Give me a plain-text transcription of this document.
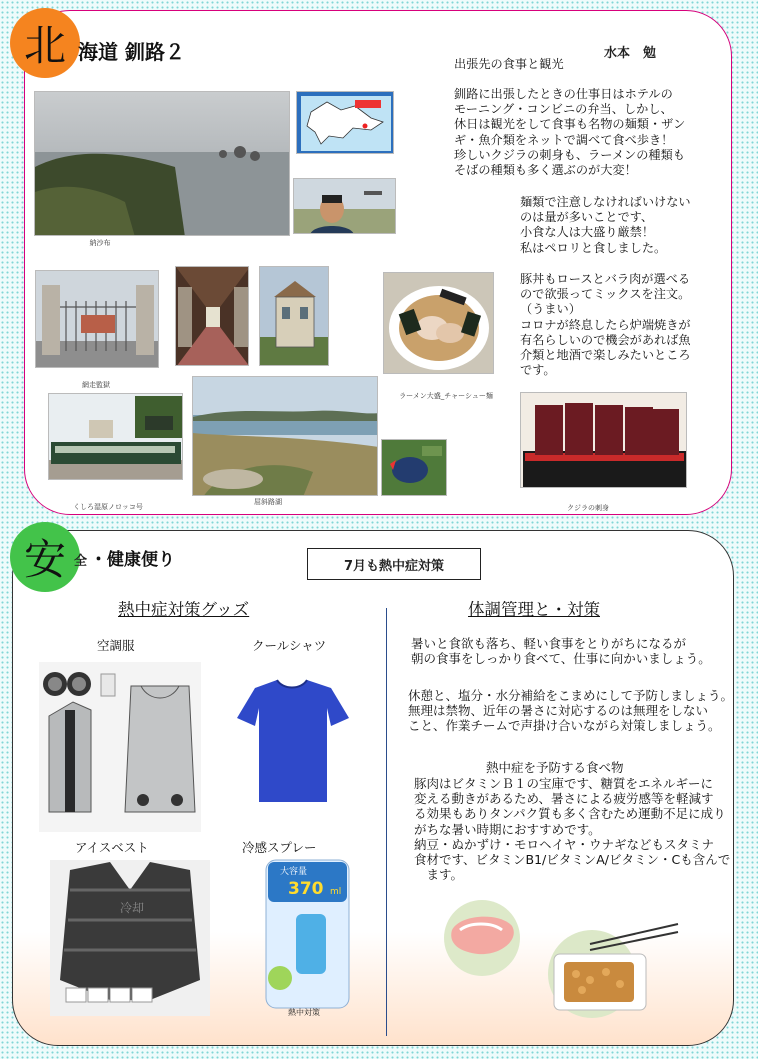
北 海道 釧路２	水本　勉
出張先の食事と観光
納沙布
網走監獄
ラーメン大盛_チャーシュー麺
くしろ湿原ノロッコ号
屈斜路湖
クジラの刺身

釧路に出張したときの仕事日はホテルの

モーニング・コンビニの弁当、しかし、

休日は観光をして食事も名物の麺類・ザン

ギ・魚介類をネットで調べて食べ歩き！

珍しいクジラの刺身も、ラーメンの種類も

そばの種類も多く選ぶのが大変！

麺類で注意しなければいけない

のは量が多いことです、

小食な人は大盛り厳禁！

私はペロリと食しました。

豚丼もロースとバラ肉が選べる

ので欲張ってミックスを注文。

（うまい）

コロナが終息したら炉端焼きが

有名らしいので機会があれば魚

介類と地酒で楽しみたいところ

です。

安 全 ・健康便り	7月も熱中症対策
熱中症対策グッズ	体調管理と・対策
空調服	クールシャツ
アイスベスト	冷感スプレー
冷却
大容量
370 ml
熱中対策

暑いと食欲も落ち、軽い食事をとりがちになるが

朝の食事をしっかり食べて、仕事に向かいましょう。

休憩と、塩分・水分補給をこまめにして予防しましょう。

無理は禁物、近年の暑さに対応するのは無理をしない

こと、作業チームで声掛け合いながら対策しましょう。

熱中症を予防する食べ物

豚肉はビタミンＢ１の宝庫です、糖質をエネルギーに

変える動きがあるため、暑さによる疲労感等を軽減す

る効果もありタンパク質も多く含むため運動不足に成り

がちな暑い時期におすすめです。

納豆・ぬかずけ・モロヘイヤ・ウナギなどもスタミナ

食材です、ビタミンB1/ビタミンA/ビタミン・Cも含んで

　ます。
